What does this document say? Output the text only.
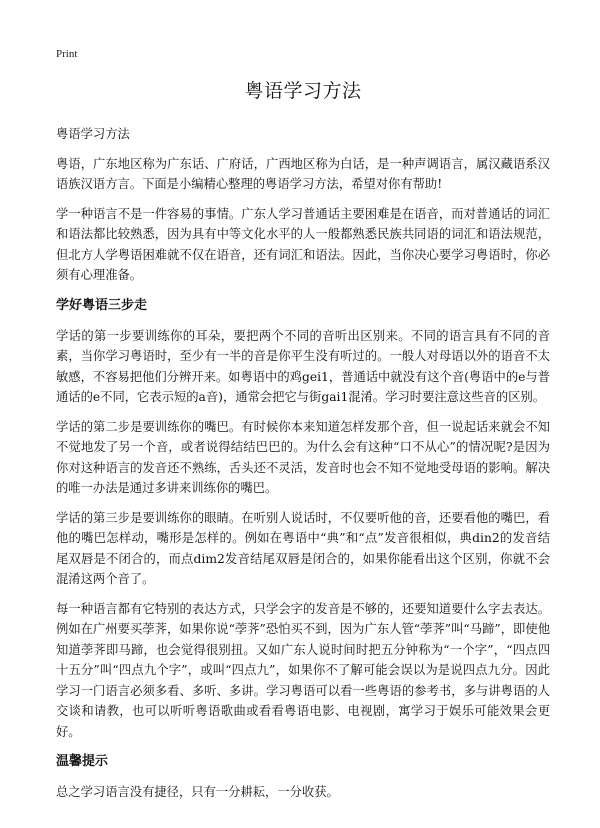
Print
粤语学习方法

粤语学习方法

粤语，广东地区称为广东话、广府话，广西地区称为白话，是一种声调语言，属汉藏语系汉语族汉语方言。下面是小编精心整理的粤语学习方法，希望对你有帮助!

学一种语言不是一件容易的事情。广东人学习普通话主要困难是在语音，而对普通话的词汇和语法都比较熟悉，因为具有中等文化水平的人一般都熟悉民族共同语的词汇和语法规范，但北方人学粤语困难就不仅在语音，还有词汇和语法。因此，当你决心要学习粤语时，你必须有心理准备。

学好粤语三步走

学话的第一步要训练你的耳朵，要把两个不同的音听出区别来。不同的语言具有不同的音素，当你学习粤语时，至少有一半的音是你平生没有听过的。一般人对母语以外的语音不太敏感，不容易把他们分辨开来。如粤语中的鸡gei1，普通话中就没有这个音(粤语中的e与普通话的e不同，它表示短的a音)，通常会把它与街gai1混淆。学习时要注意这些音的区别。

学话的第二步是要训练你的嘴巴。有时候你本来知道怎样发那个音，但一说起话来就会不知不觉地发了另一个音，或者说得结结巴巴的。为什么会有这种“口不从心”的情况呢?是因为你对这种语言的发音还不熟练，舌头还不灵活，发音时也会不知不觉地受母语的影响。解决的唯一办法是通过多讲来训练你的嘴巴。

学话的第三步是要训练你的眼睛。在听别人说话时，不仅要听他的音，还要看他的嘴巴，看他的嘴巴怎样动，嘴形是怎样的。例如在粤语中“典”和“点”发音很相似，典din2的发音结尾双唇是不闭合的，而点dim2发音结尾双唇是闭合的，如果你能看出这个区别，你就不会混淆这两个音了。

每一种语言都有它特别的表达方式，只学会字的发音是不够的，还要知道要什么字去表达。例如在广州要买荸荠，如果你说“荸荠”恐怕买不到，因为广东人管“荸荠”叫“马蹄”，即使他知道荸荠即马蹄，也会觉得很别扭。又如广东人说时间时把五分钟称为“一个字”，“四点四十五分”叫“四点九个字”，或叫“四点九”，如果你不了解可能会误以为是说四点九分。因此学习一门语言必须多看、多听、多讲。学习粤语可以看一些粤语的参考书，多与讲粤语的人交谈和请教，也可以听听粤语歌曲或看看粤语电影、电视剧，寓学习于娱乐可能效果会更好。

温馨提示

总之学习语言没有捷径，只有一分耕耘，一分收获。
